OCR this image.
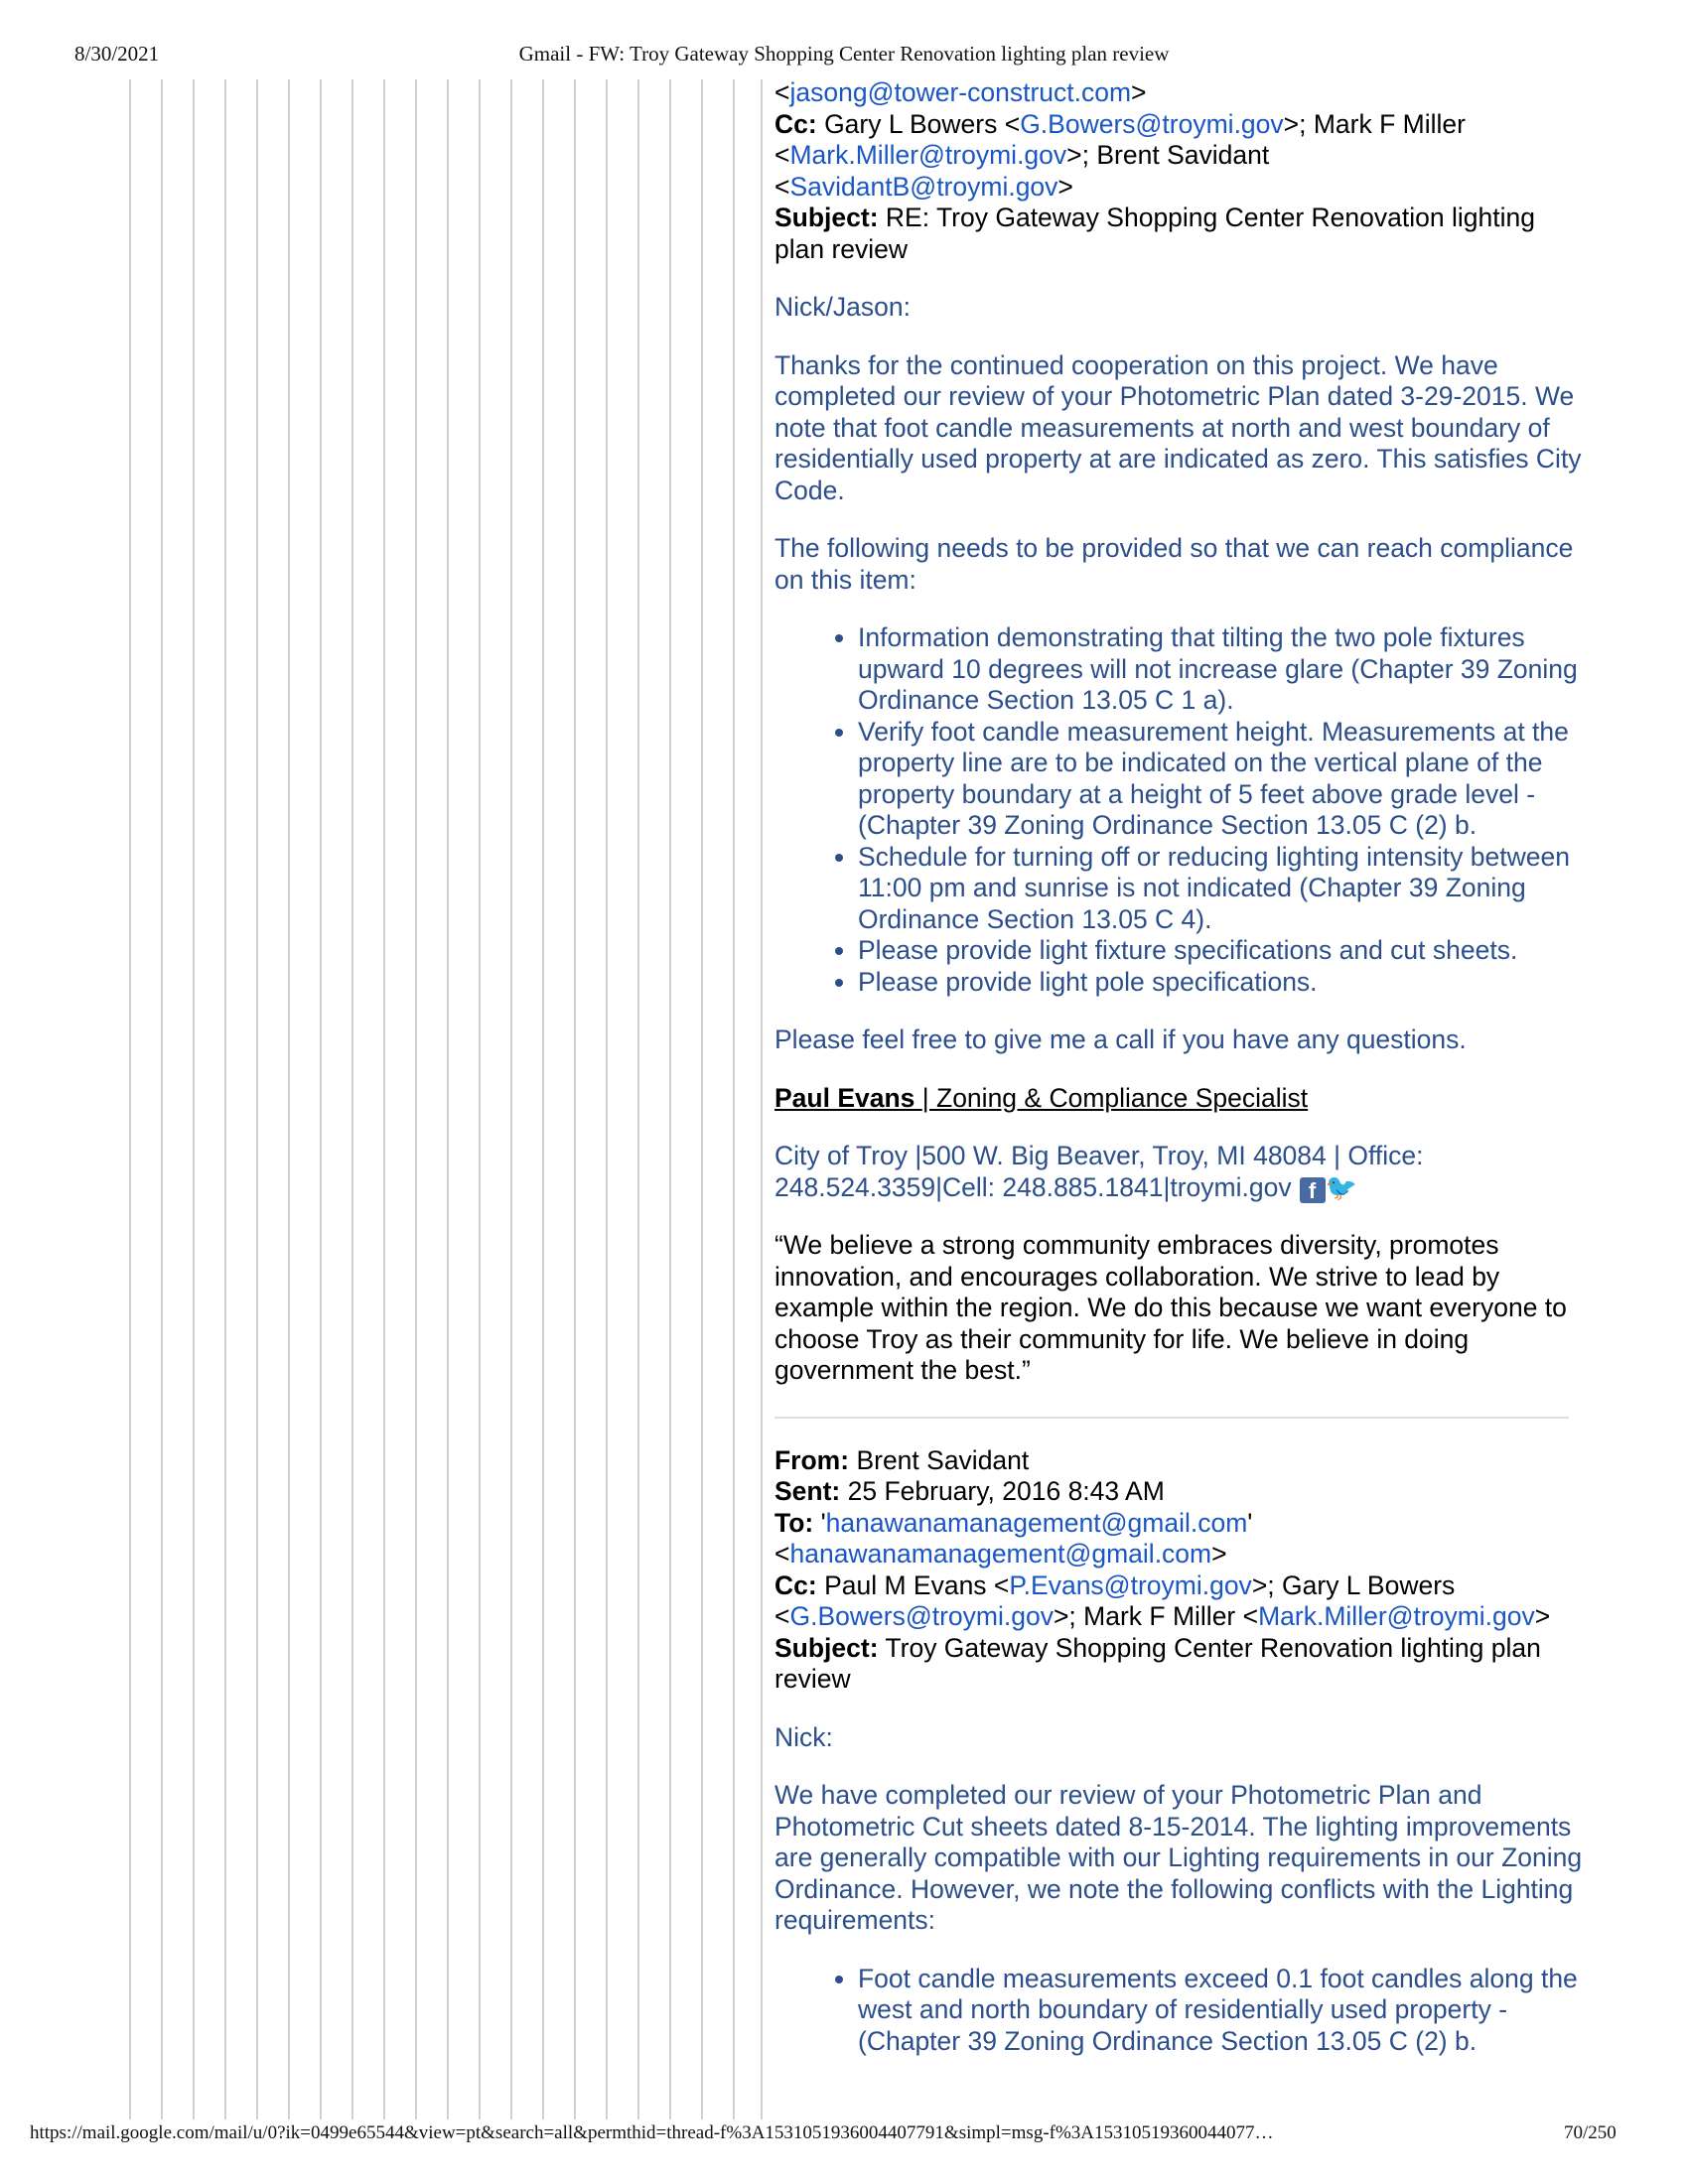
8/30/2021	Gmail - FW: Troy Gateway Shopping Center Renovation lighting plan review

<jasong@tower-construct.com>

Cc: Gary L Bowers <G.Bowers@troymi.gov>; Mark F Miller
<Mark.Miller@troymi.gov>; Brent Savidant
<SavidantB@troymi.gov>

Subject: RE: Troy Gateway Shopping Center Renovation lighting plan review

Nick/Jason:

Thanks for the continued cooperation on this project. We have completed our review of your Photometric Plan dated 3-29-2015. We note that foot candle measurements at north and west boundary of residentially used property at are indicated as zero. This satisfies City Code.

The following needs to be provided so that we can reach compliance on this item:

• Information demonstrating that tilting the two pole fixtures upward 10 degrees will not increase glare (Chapter 39 Zoning Ordinance Section 13.05 C 1 a).
• Verify foot candle measurement height. Measurements at the property line are to be indicated on the vertical plane of the property boundary at a height of 5 feet above grade level - (Chapter 39 Zoning Ordinance Section 13.05 C (2) b.
• Schedule for turning off or reducing lighting intensity between 11:00 pm and sunrise is not indicated (Chapter 39 Zoning Ordinance Section 13.05 C 4).
• Please provide light fixture specifications and cut sheets.
• Please provide light pole specifications.

Please feel free to give me a call if you have any questions.

Paul Evans | Zoning & Compliance Specialist

City of Troy |500 W. Big Beaver, Troy, MI 48084 | Office: 248.524.3359|Cell: 248.885.1841|troymi.gov f 🐦

“We believe a strong community embraces diversity, promotes innovation, and encourages collaboration. We strive to lead by example within the region. We do this because we want everyone to choose Troy as their community for life. We believe in doing government the best.”

From: Brent Savidant

Sent: 25 February, 2016 8:43 AM

To: 'hanawanamanagement@gmail.com'
<hanawanamanagement@gmail.com>

Cc: Paul M Evans <P.Evans@troymi.gov>; Gary L Bowers
<G.Bowers@troymi.gov>; Mark F Miller <Mark.Miller@troymi.gov>

Subject: Troy Gateway Shopping Center Renovation lighting plan review

Nick:

We have completed our review of your Photometric Plan and Photometric Cut sheets dated 8-15-2014. The lighting improvements are generally compatible with our Lighting requirements in our Zoning Ordinance. However, we note the following conflicts with the Lighting requirements:

• Foot candle measurements exceed 0.1 foot candles along the west and north boundary of residentially used property - (Chapter 39 Zoning Ordinance Section 13.05 C (2) b.
https://mail.google.com/mail/u/0?ik=0499e65544&view=pt&search=all&permthid=thread-f%3A1531051936004407791&simpl=msg-f%3A15310519360044077…	70/250
